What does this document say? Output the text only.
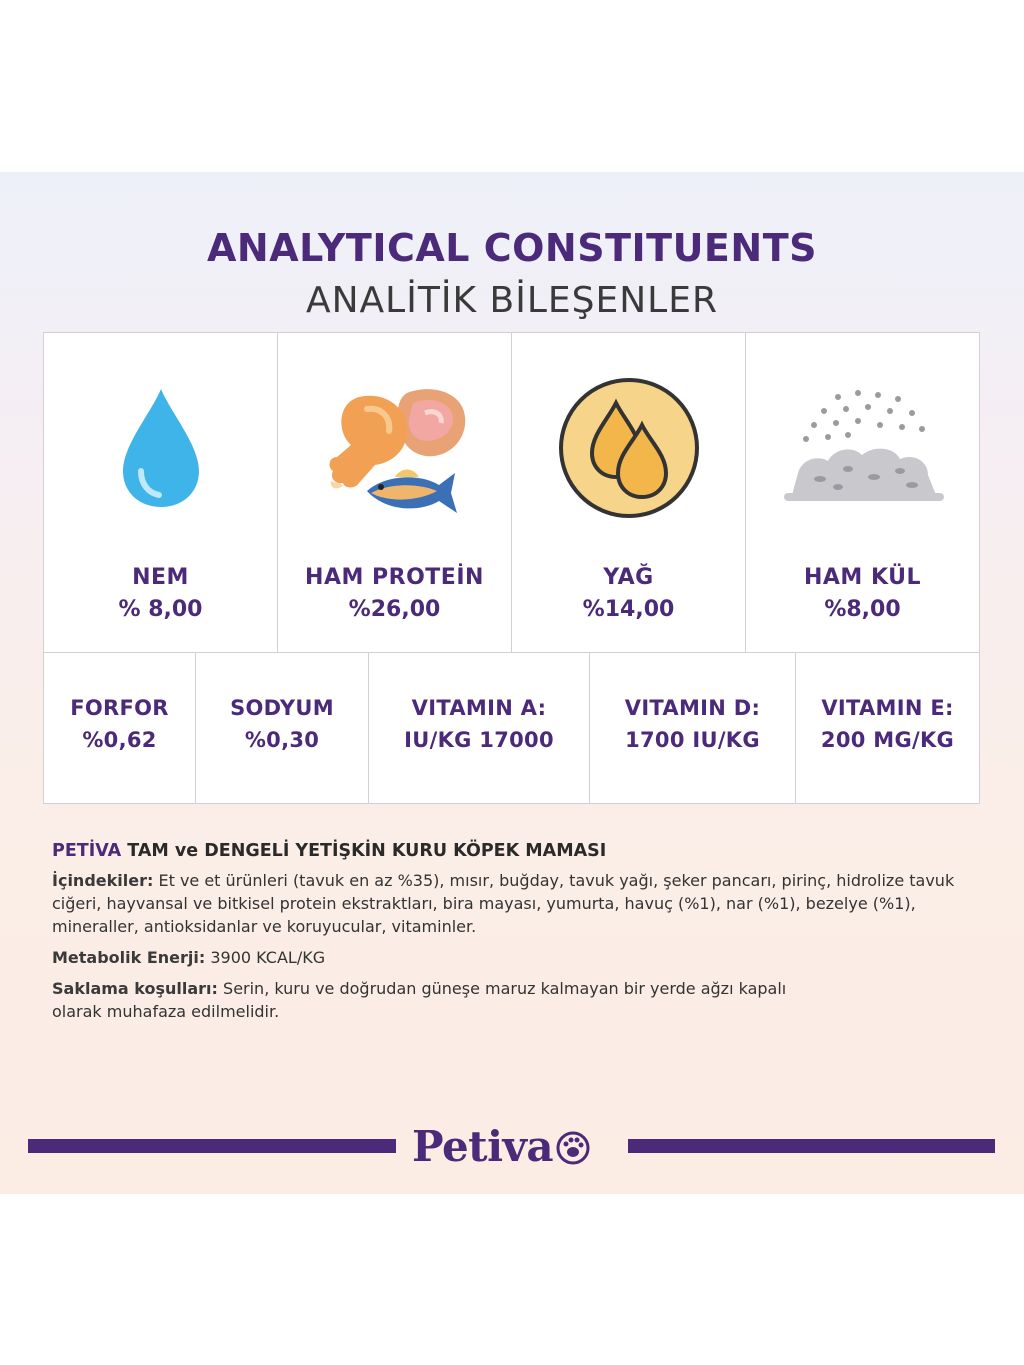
ANALYTICAL CONSTITUENTS
ANALİTİK BİLEŞENLER
NEM
% 8,00
HAM PROTEİN
%26,00
YAĞ
%14,00
HAM KÜL
%8,00
FORFOR
%0,62
SODYUM
%0,30
VITAMIN A:
IU/KG 17000
VITAMIN D:
1700 IU/KG
VITAMIN E:
200 MG/KG
PETİVA TAM ve DENGELİ YETİŞKİN KURU KÖPEK MAMASI

İçindekiler: Et ve et ürünleri (tavuk en az %35), mısır, buğday, tavuk yağı, şeker pancarı, pirinç, hidrolize tavuk ciğeri, hayvansal ve bitkisel protein ekstraktları, bira mayası, yumurta, havuç (%1), nar (%1), bezelye (%1), mineraller, antioksidanlar ve koruyucular, vitaminler.

Metabolik Enerji: 3900 KCAL/KG

Saklama koşulları: Serin, kuru ve doğrudan güneşe maruz kalmayan bir yerde ağzı kapalı olarak muhafaza edilmelidir.

Petiva
